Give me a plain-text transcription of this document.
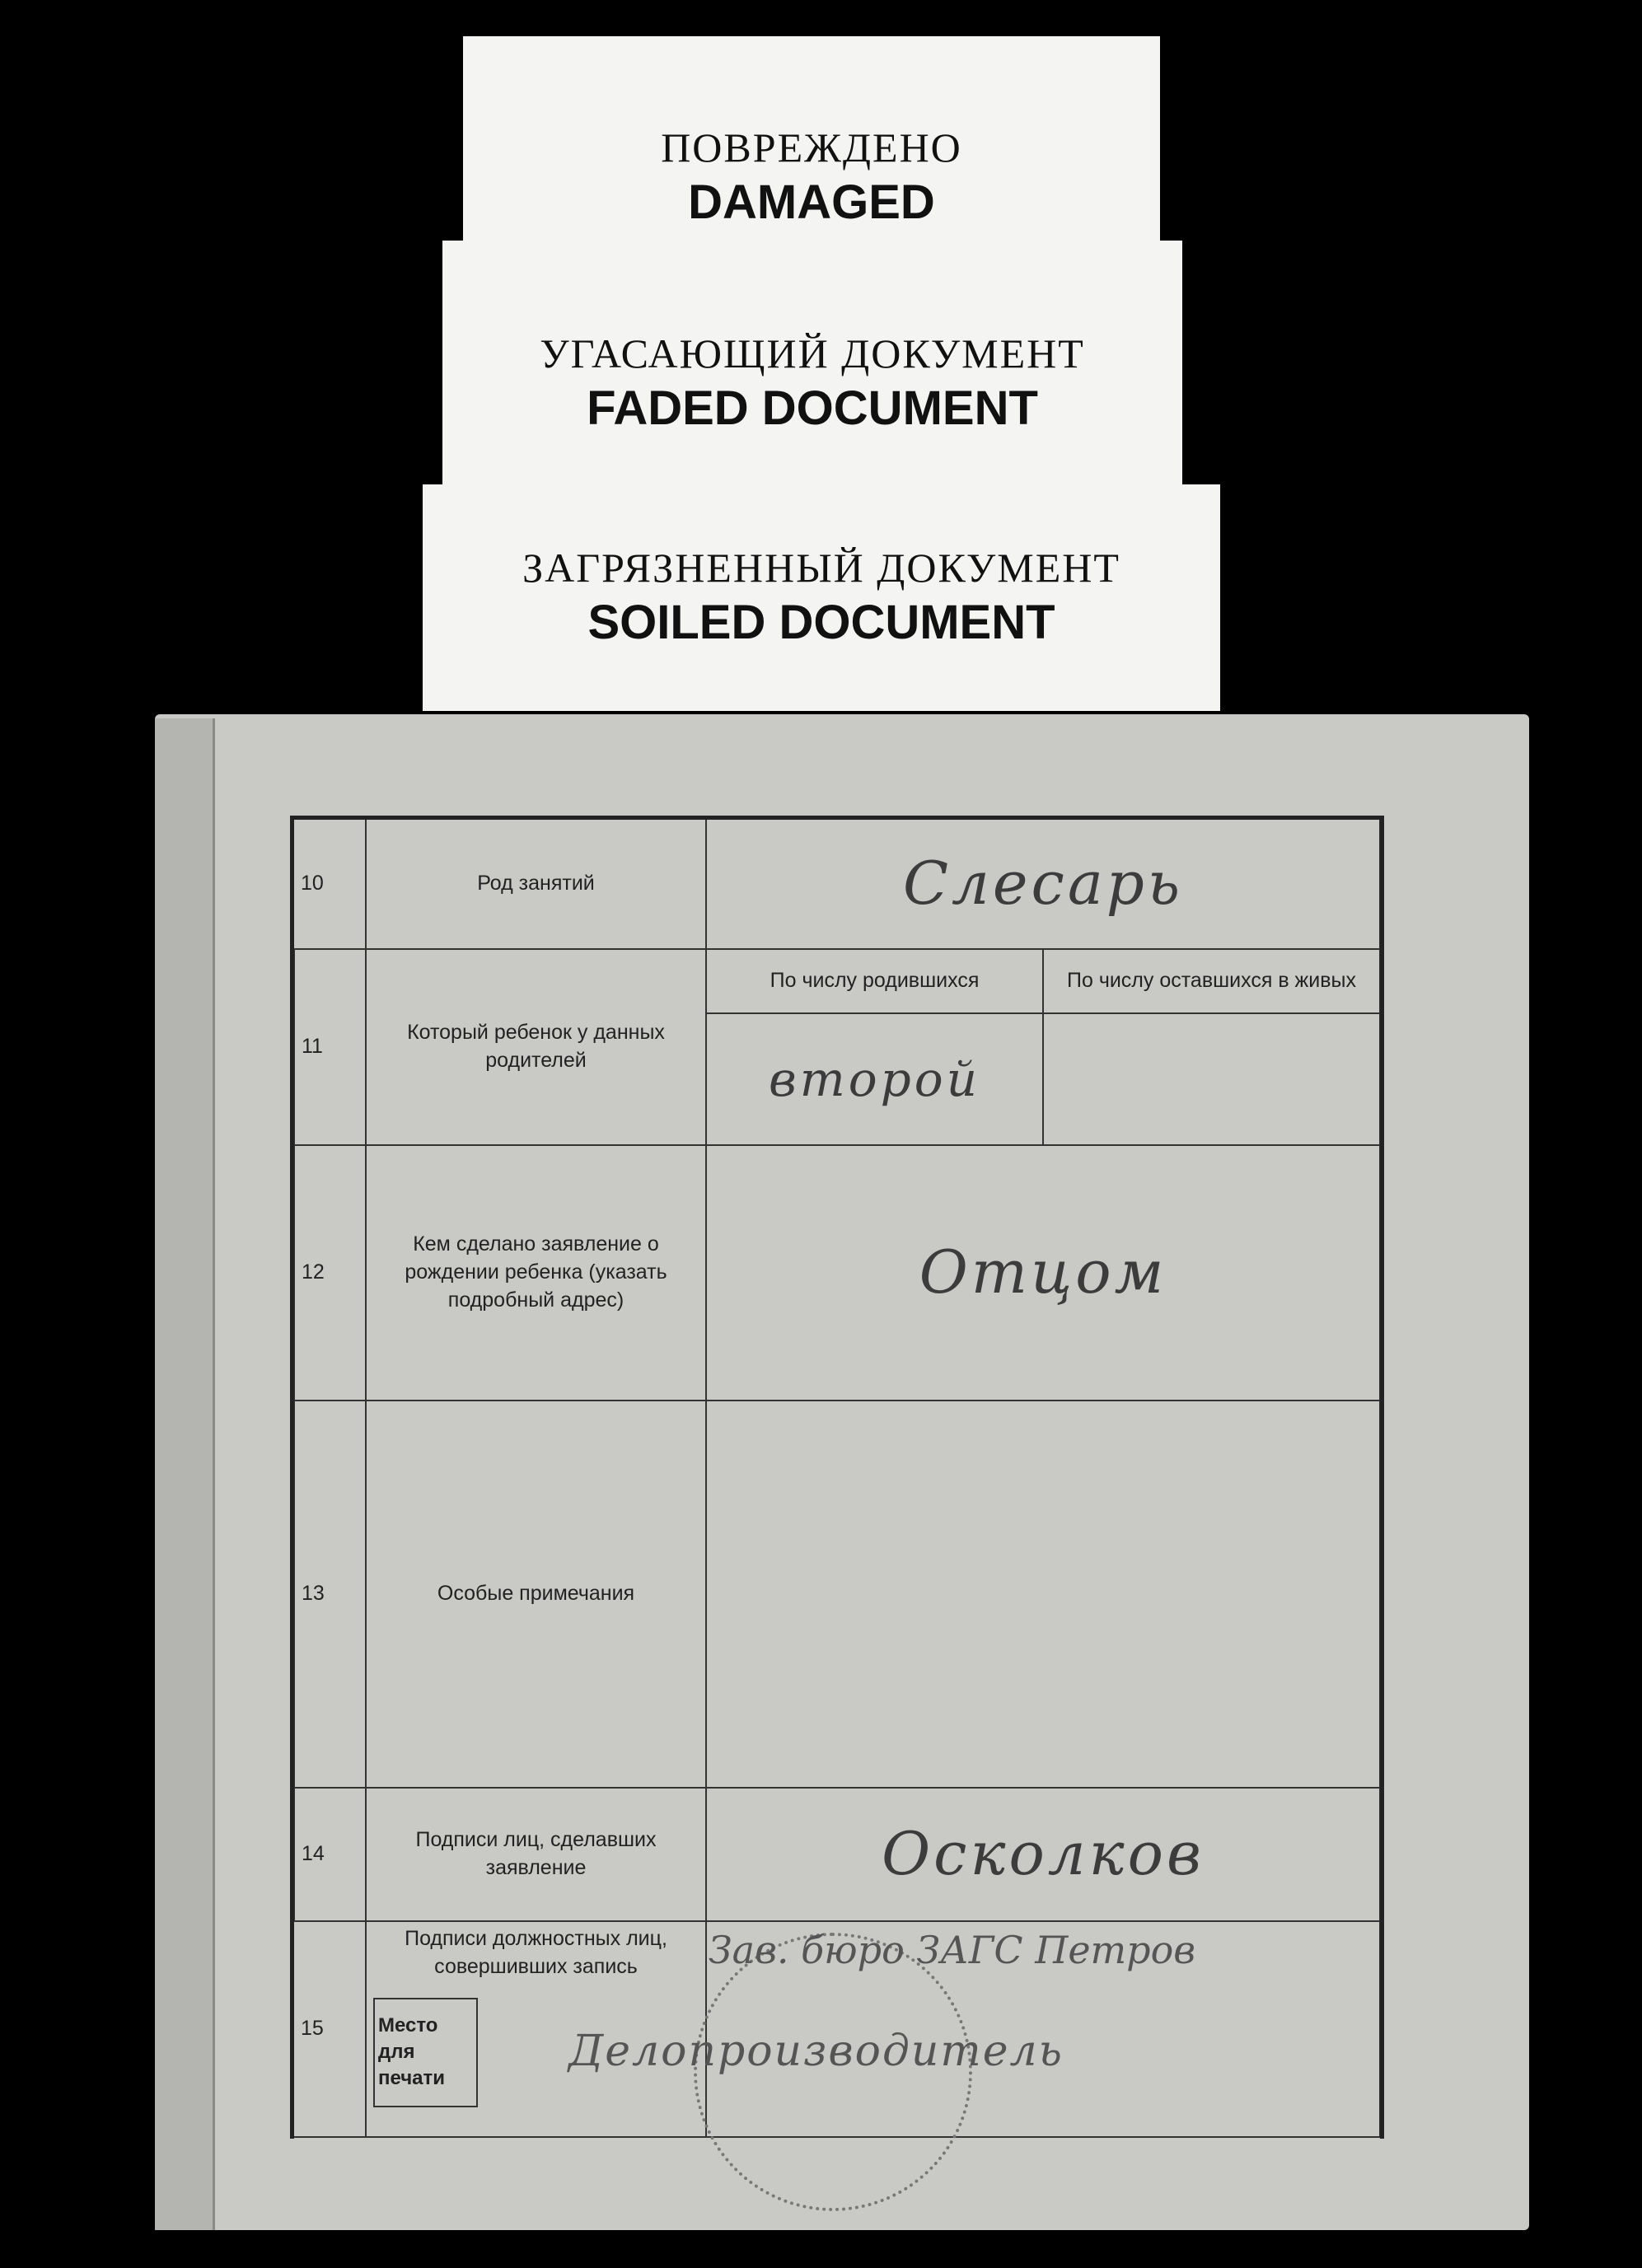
ПОВРЕЖДЕНО
DAMAGED
УГАСАЮЩИЙ ДОКУМЕНТ
FADED DOCUMENT
ЗАГРЯЗНЕННЫЙ ДОКУМЕНТ
SOILED DOCUMENT
10	Род занятий	Слесарь	
11	Который ребенок у данных родителей	По числу родившихся	По числу оставшихся в живых
		второй	
12	Кем сделано заявление о рождении ребенка (указать подробный адрес)	Отцом	
13	Особые примечания		
14	Подписи лиц, сделавших заявление	Осколков	
15	Подписи должностных лиц, совершивших запись
Место для печати		

Зав. бюро ЗАГС Петров
Делопроизводитель
